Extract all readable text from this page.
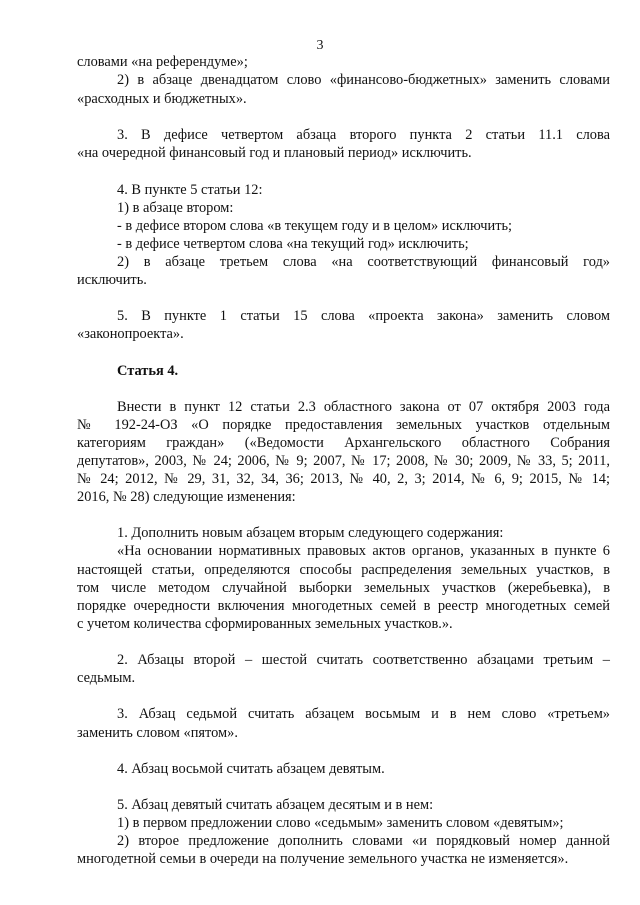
3
словами «на референдуме»;
2) в абзаце двенадцатом слово «финансово-бюджетных» заменить словами
«расходных и бюджетных».
3. В дефисе четвертом абзаца второго пункта 2 статьи 11.1 слова
«на очередной финансовый год и плановый период» исключить.
4. В пункте 5 статьи 12:
1) в абзаце втором:
- в дефисе втором слова «в текущем году и в целом» исключить;
- в дефисе четвертом слова «на текущий год» исключить;
2) в абзаце третьем слова «на соответствующий финансовый год»
исключить.
5. В пункте 1 статьи 15 слова «проекта закона» заменить словом
«законопроекта».
Статья 4.
Внести в пункт 12 статьи 2.3 областного закона от 07 октября 2003 года
№ 192-24-ОЗ «О порядке предоставления земельных участков отдельным
категориям граждан» («Ведомости Архангельского областного Собрания
депутатов», 2003, № 24; 2006, № 9; 2007, № 17; 2008, № 30; 2009, № 33, 5; 2011,
№ 24; 2012, № 29, 31, 32, 34, 36; 2013, № 40, 2, 3; 2014, № 6, 9; 2015, № 14;
2016, № 28) следующие изменения:
1. Дополнить новым абзацем вторым следующего содержания:
«На основании нормативных правовых актов органов, указанных в пункте 6
настоящей статьи, определяются способы распределения земельных участков, в
том числе методом случайной выборки земельных участков (жеребьевка), в
порядке очередности включения многодетных семей в реестр многодетных семей
с учетом количества сформированных земельных участков.».
2. Абзацы второй – шестой считать соответственно абзацами третьим –
седьмым.
3. Абзац седьмой считать абзацем восьмым и в нем слово «третьем»
заменить словом «пятом».
4. Абзац восьмой считать абзацем девятым.
5. Абзац девятый считать абзацем десятым и в нем:
1) в первом предложении слово «седьмым» заменить словом «девятым»;
2) второе предложение дополнить словами «и порядковый номер данной
многодетной семьи в очереди на получение земельного участка не изменяется».
